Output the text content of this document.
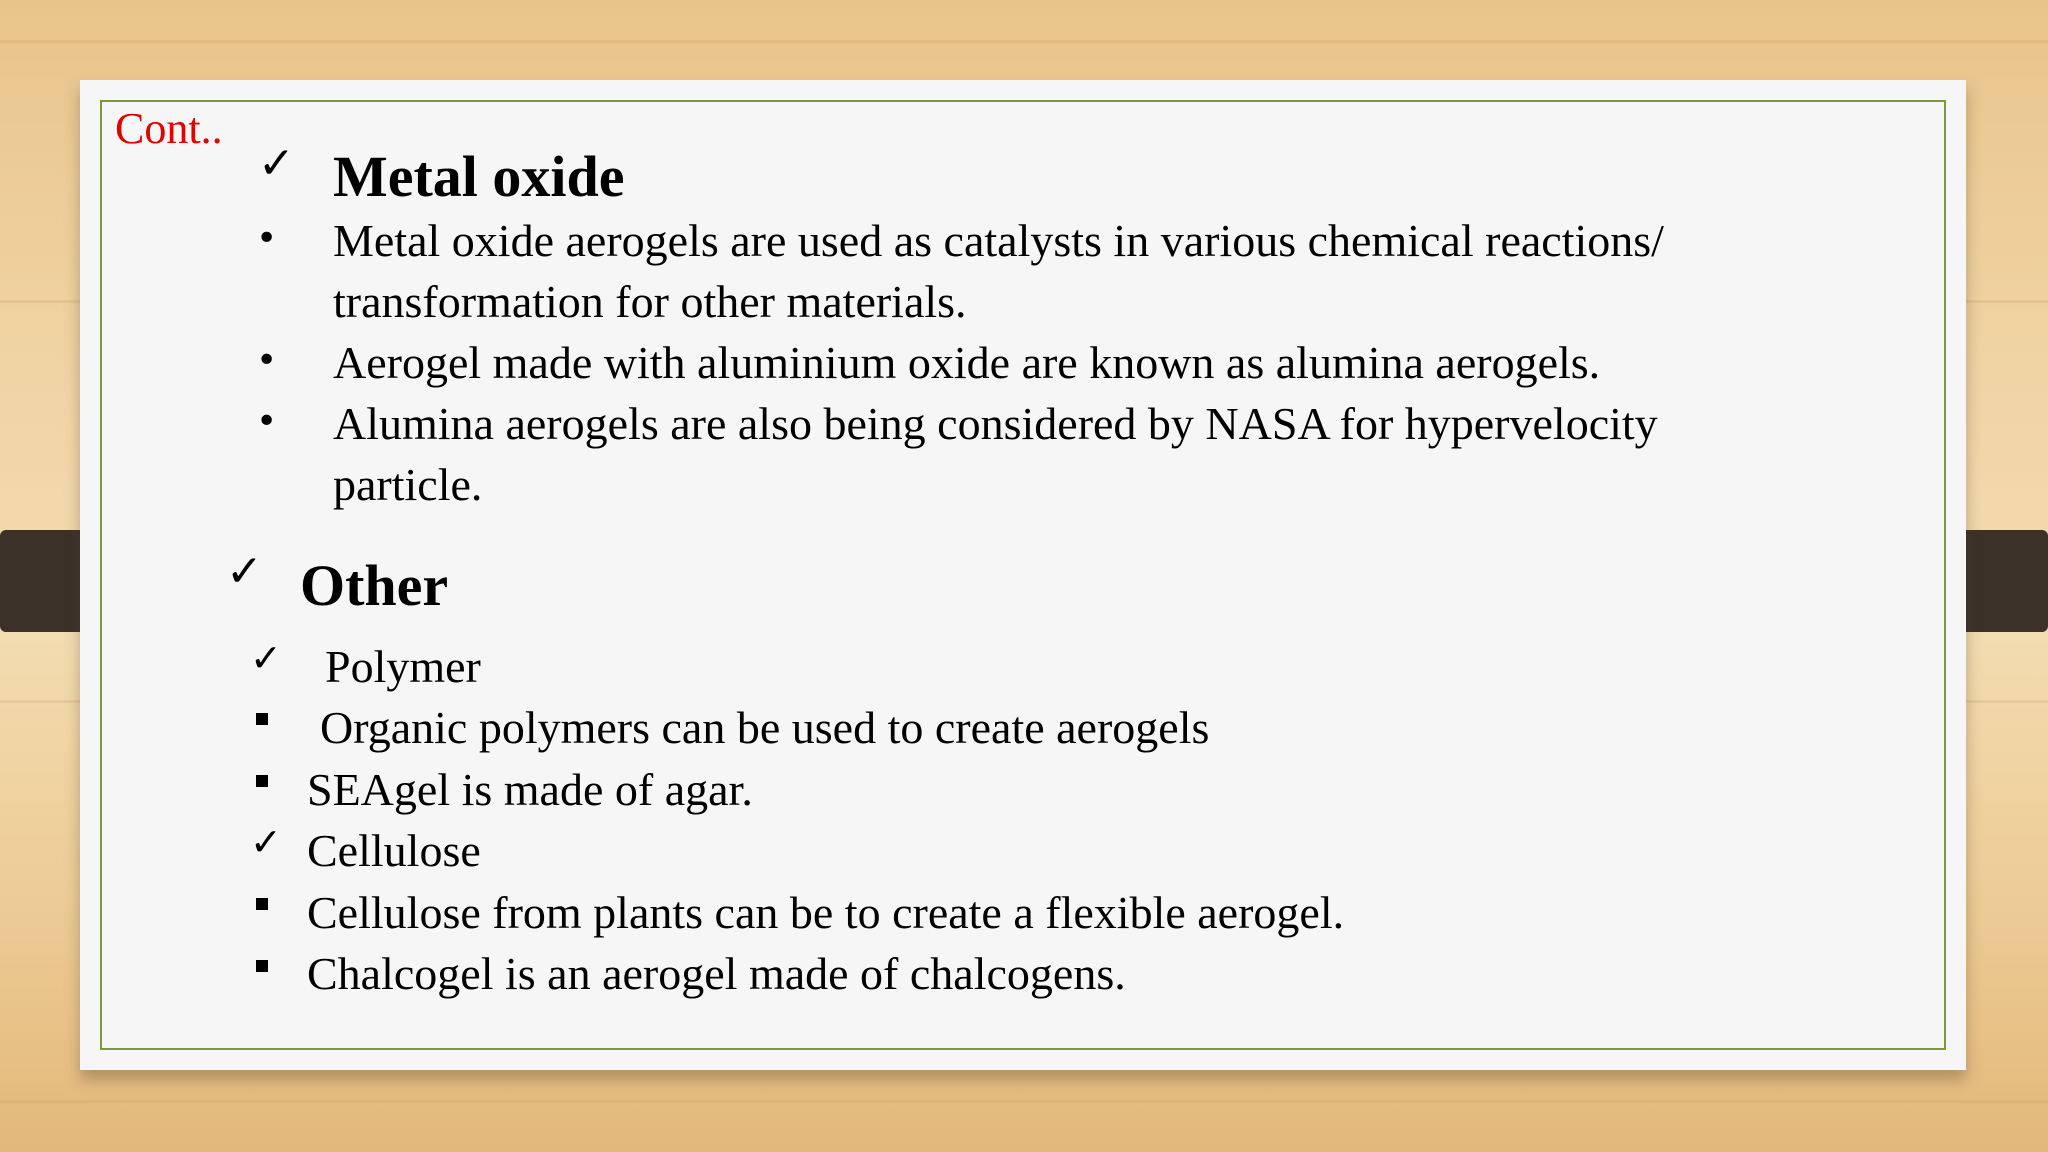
Cont..
✓ Metal oxide
• Metal oxide aerogels are used as catalysts in various chemical reactions/
transformation for other materials.
• Aerogel made with aluminium oxide are known as alumina aerogels.
• Alumina aerogels are also being considered by NASA for hypervelocity
particle.
✓ Other
✓ Polymer
Organic polymers can be used to create aerogels
SEAgel is made of agar.
✓ Cellulose
Cellulose from plants can be to create a flexible aerogel.
Chalcogel is an aerogel made of chalcogens.
